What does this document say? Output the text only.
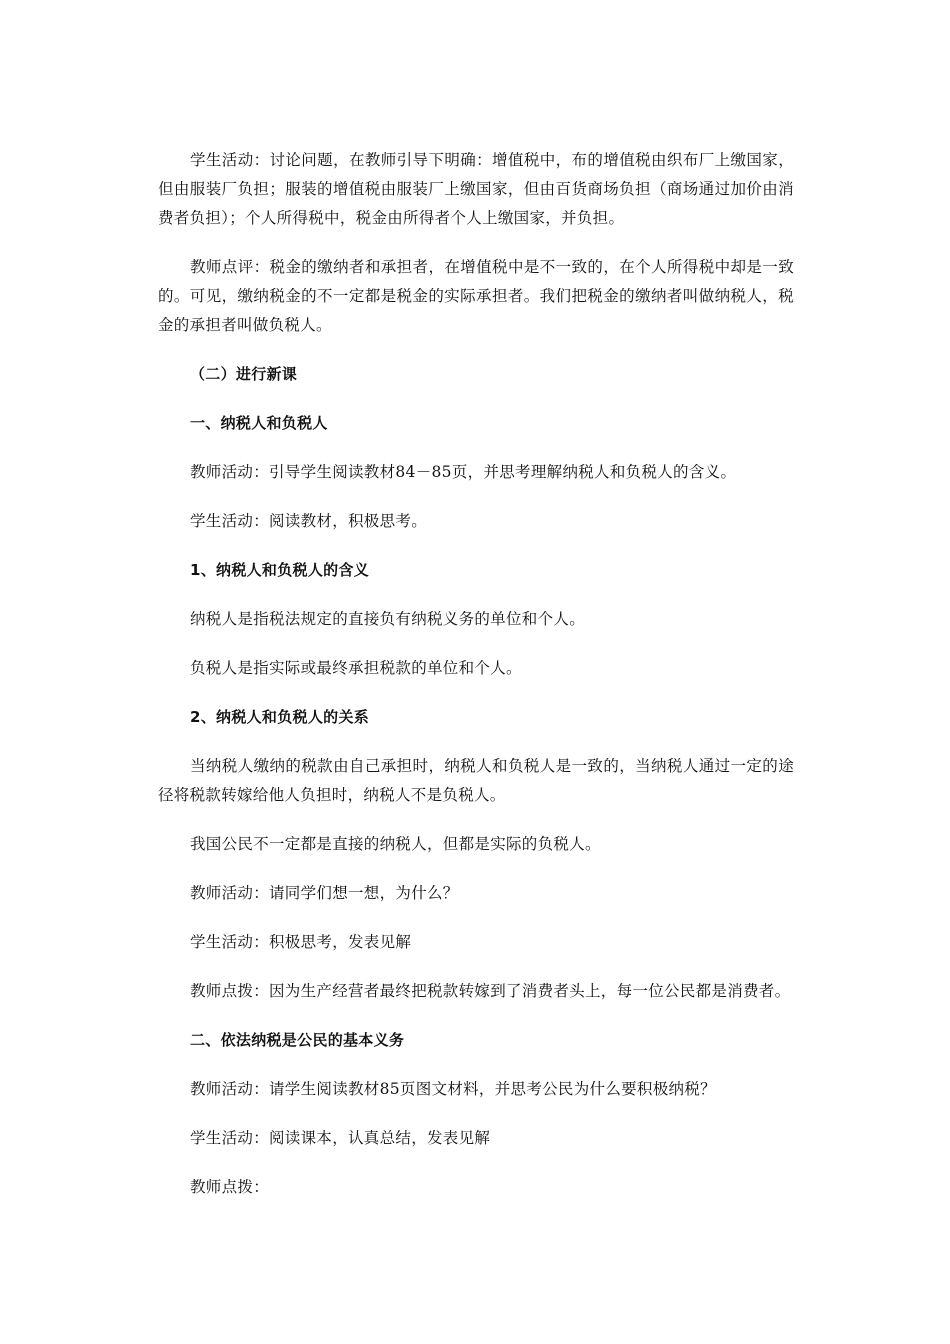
学生活动：讨论问题，在教师引导下明确：增值税中，布的增值税由织布厂上缴国家，但由服装厂负担；服装的增值税由服装厂上缴国家，但由百货商场负担（商场通过加价由消费者负担）；个人所得税中，税金由所得者个人上缴国家，并负担。

教师点评：税金的缴纳者和承担者，在增值税中是不一致的，在个人所得税中却是一致的。可见，缴纳税金的不一定都是税金的实际承担者。我们把税金的缴纳者叫做纳税人，税金的承担者叫做负税人。

（二）进行新课

一、纳税人和负税人

教师活动：引导学生阅读教材84－85页，并思考理解纳税人和负税人的含义。

学生活动：阅读教材，积极思考。

1、纳税人和负税人的含义

纳税人是指税法规定的直接负有纳税义务的单位和个人。

负税人是指实际或最终承担税款的单位和个人。

2、纳税人和负税人的关系

当纳税人缴纳的税款由自己承担时，纳税人和负税人是一致的，当纳税人通过一定的途径将税款转嫁给他人负担时，纳税人不是负税人。

我国公民不一定都是直接的纳税人，但都是实际的负税人。

教师活动：请同学们想一想，为什么？

学生活动：积极思考，发表见解

教师点拨：因为生产经营者最终把税款转嫁到了消费者头上，每一位公民都是消费者。

二、依法纳税是公民的基本义务

教师活动：请学生阅读教材85页图文材料，并思考公民为什么要积极纳税？

学生活动：阅读课本，认真总结，发表见解

教师点拨：
